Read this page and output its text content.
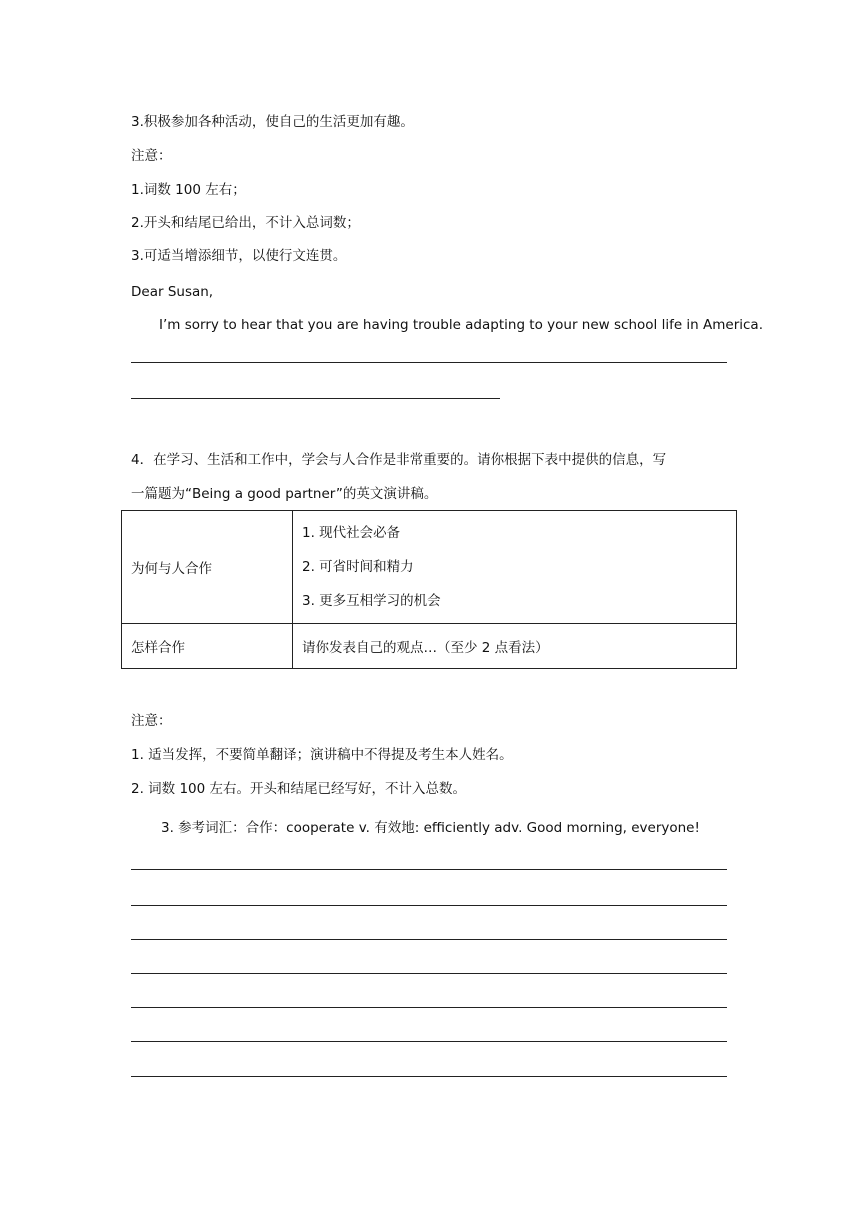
3.积极参加各种活动，使自己的生活更加有趣。
注意：
1.词数 100 左右；
2.开头和结尾已给出，不计入总词数；
3.可适当增添细节，以使行文连贯。
Dear Susan,
I’m sorry to hear that you are having trouble adapting to your new school life in America.
4．在学习、生活和工作中，学会与人合作是非常重要的。请你根据下表中提供的信息，写
一篇题为“Being a good partner”的英文演讲稿。
为何与人合作	1. 现代社会必备
2. 可省时间和精力
3. 更多互相学习的机会

怎样合作	请你发表自己的观点…（至少 2 点看法）
注意：
1. 适当发挥，不要简单翻译；演讲稿中不得提及考生本人姓名。
2. 词数 100 左右。开头和结尾已经写好，不计入总数。
3. 参考词汇：合作：cooperate v. 有效地: efficiently adv. Good morning, everyone!
